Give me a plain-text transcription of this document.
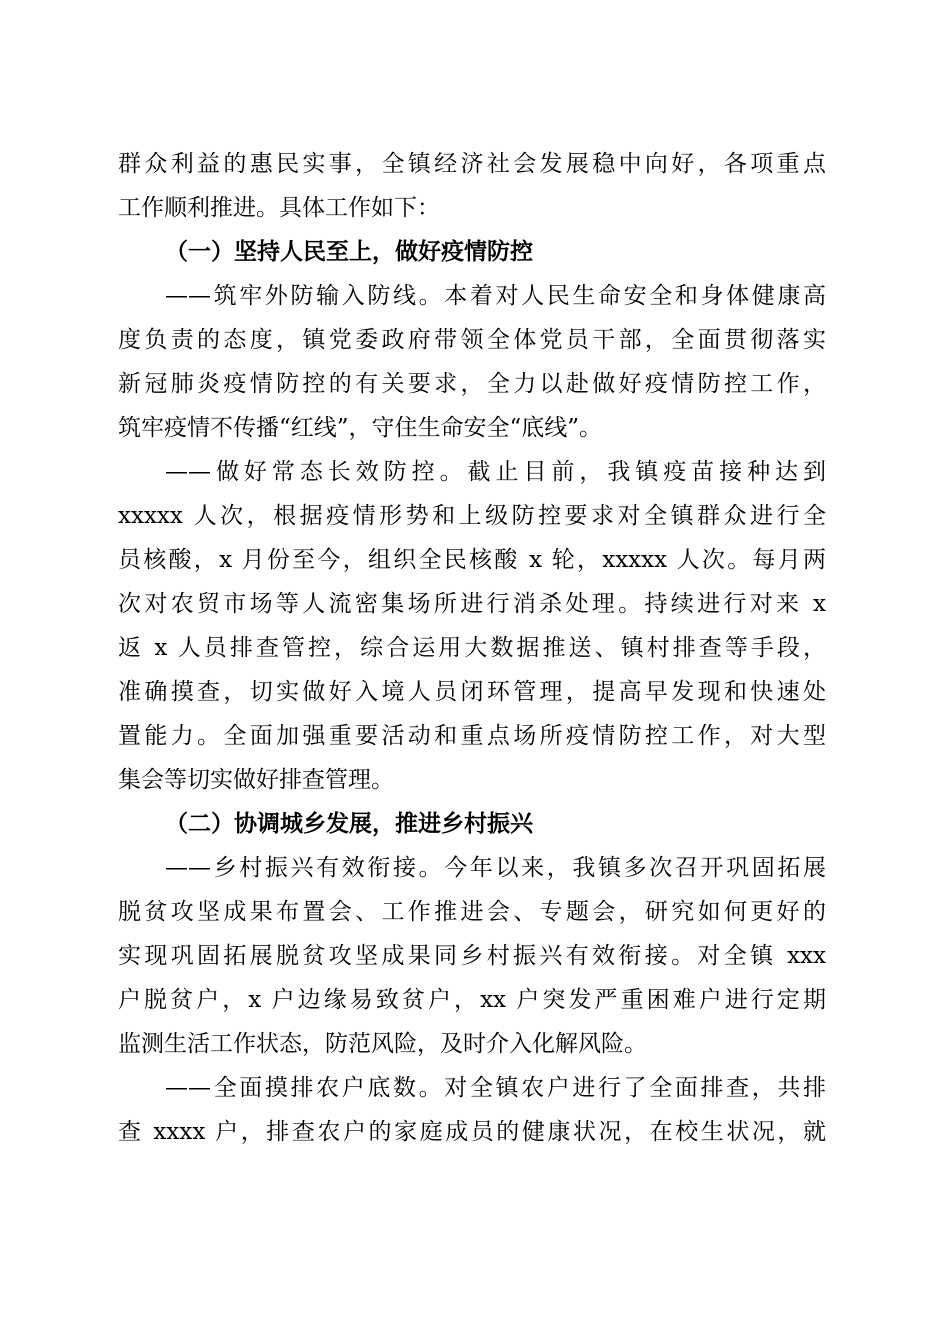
群众利益的惠民实事，全镇经济社会发展稳中向好，各项重点
工作顺利推进。具体工作如下：
（一）坚持人民至上，做好疫情防控
——筑牢外防输入防线。本着对人民生命安全和身体健康高
度负责的态度，镇党委政府带领全体党员干部，全面贯彻落实
新冠肺炎疫情防控的有关要求，全力以赴做好疫情防控工作，
筑牢疫情不传播“红线”，守住生命安全“底线”。
——做好常态长效防控。截止目前，我镇疫苗接种达到
xxxxx 人次，根据疫情形势和上级防控要求对全镇群众进行全
员核酸，x 月份至今，组织全民核酸 x 轮，xxxxx 人次。每月两
次对农贸市场等人流密集场所进行消杀处理。持续进行对来 x
返 x 人员排查管控，综合运用大数据推送、镇村排查等手段，
准确摸查，切实做好入境人员闭环管理，提高早发现和快速处
置能力。全面加强重要活动和重点场所疫情防控工作，对大型
集会等切实做好排查管理。
（二）协调城乡发展，推进乡村振兴
——乡村振兴有效衔接。今年以来，我镇多次召开巩固拓展
脱贫攻坚成果布置会、工作推进会、专题会，研究如何更好的
实现巩固拓展脱贫攻坚成果同乡村振兴有效衔接。对全镇 xxx
户脱贫户，x 户边缘易致贫户，xx 户突发严重困难户进行定期
监测生活工作状态，防范风险，及时介入化解风险。
——全面摸排农户底数。对全镇农户进行了全面排查，共排
查 xxxx 户，排查农户的家庭成员的健康状况，在校生状况，就
